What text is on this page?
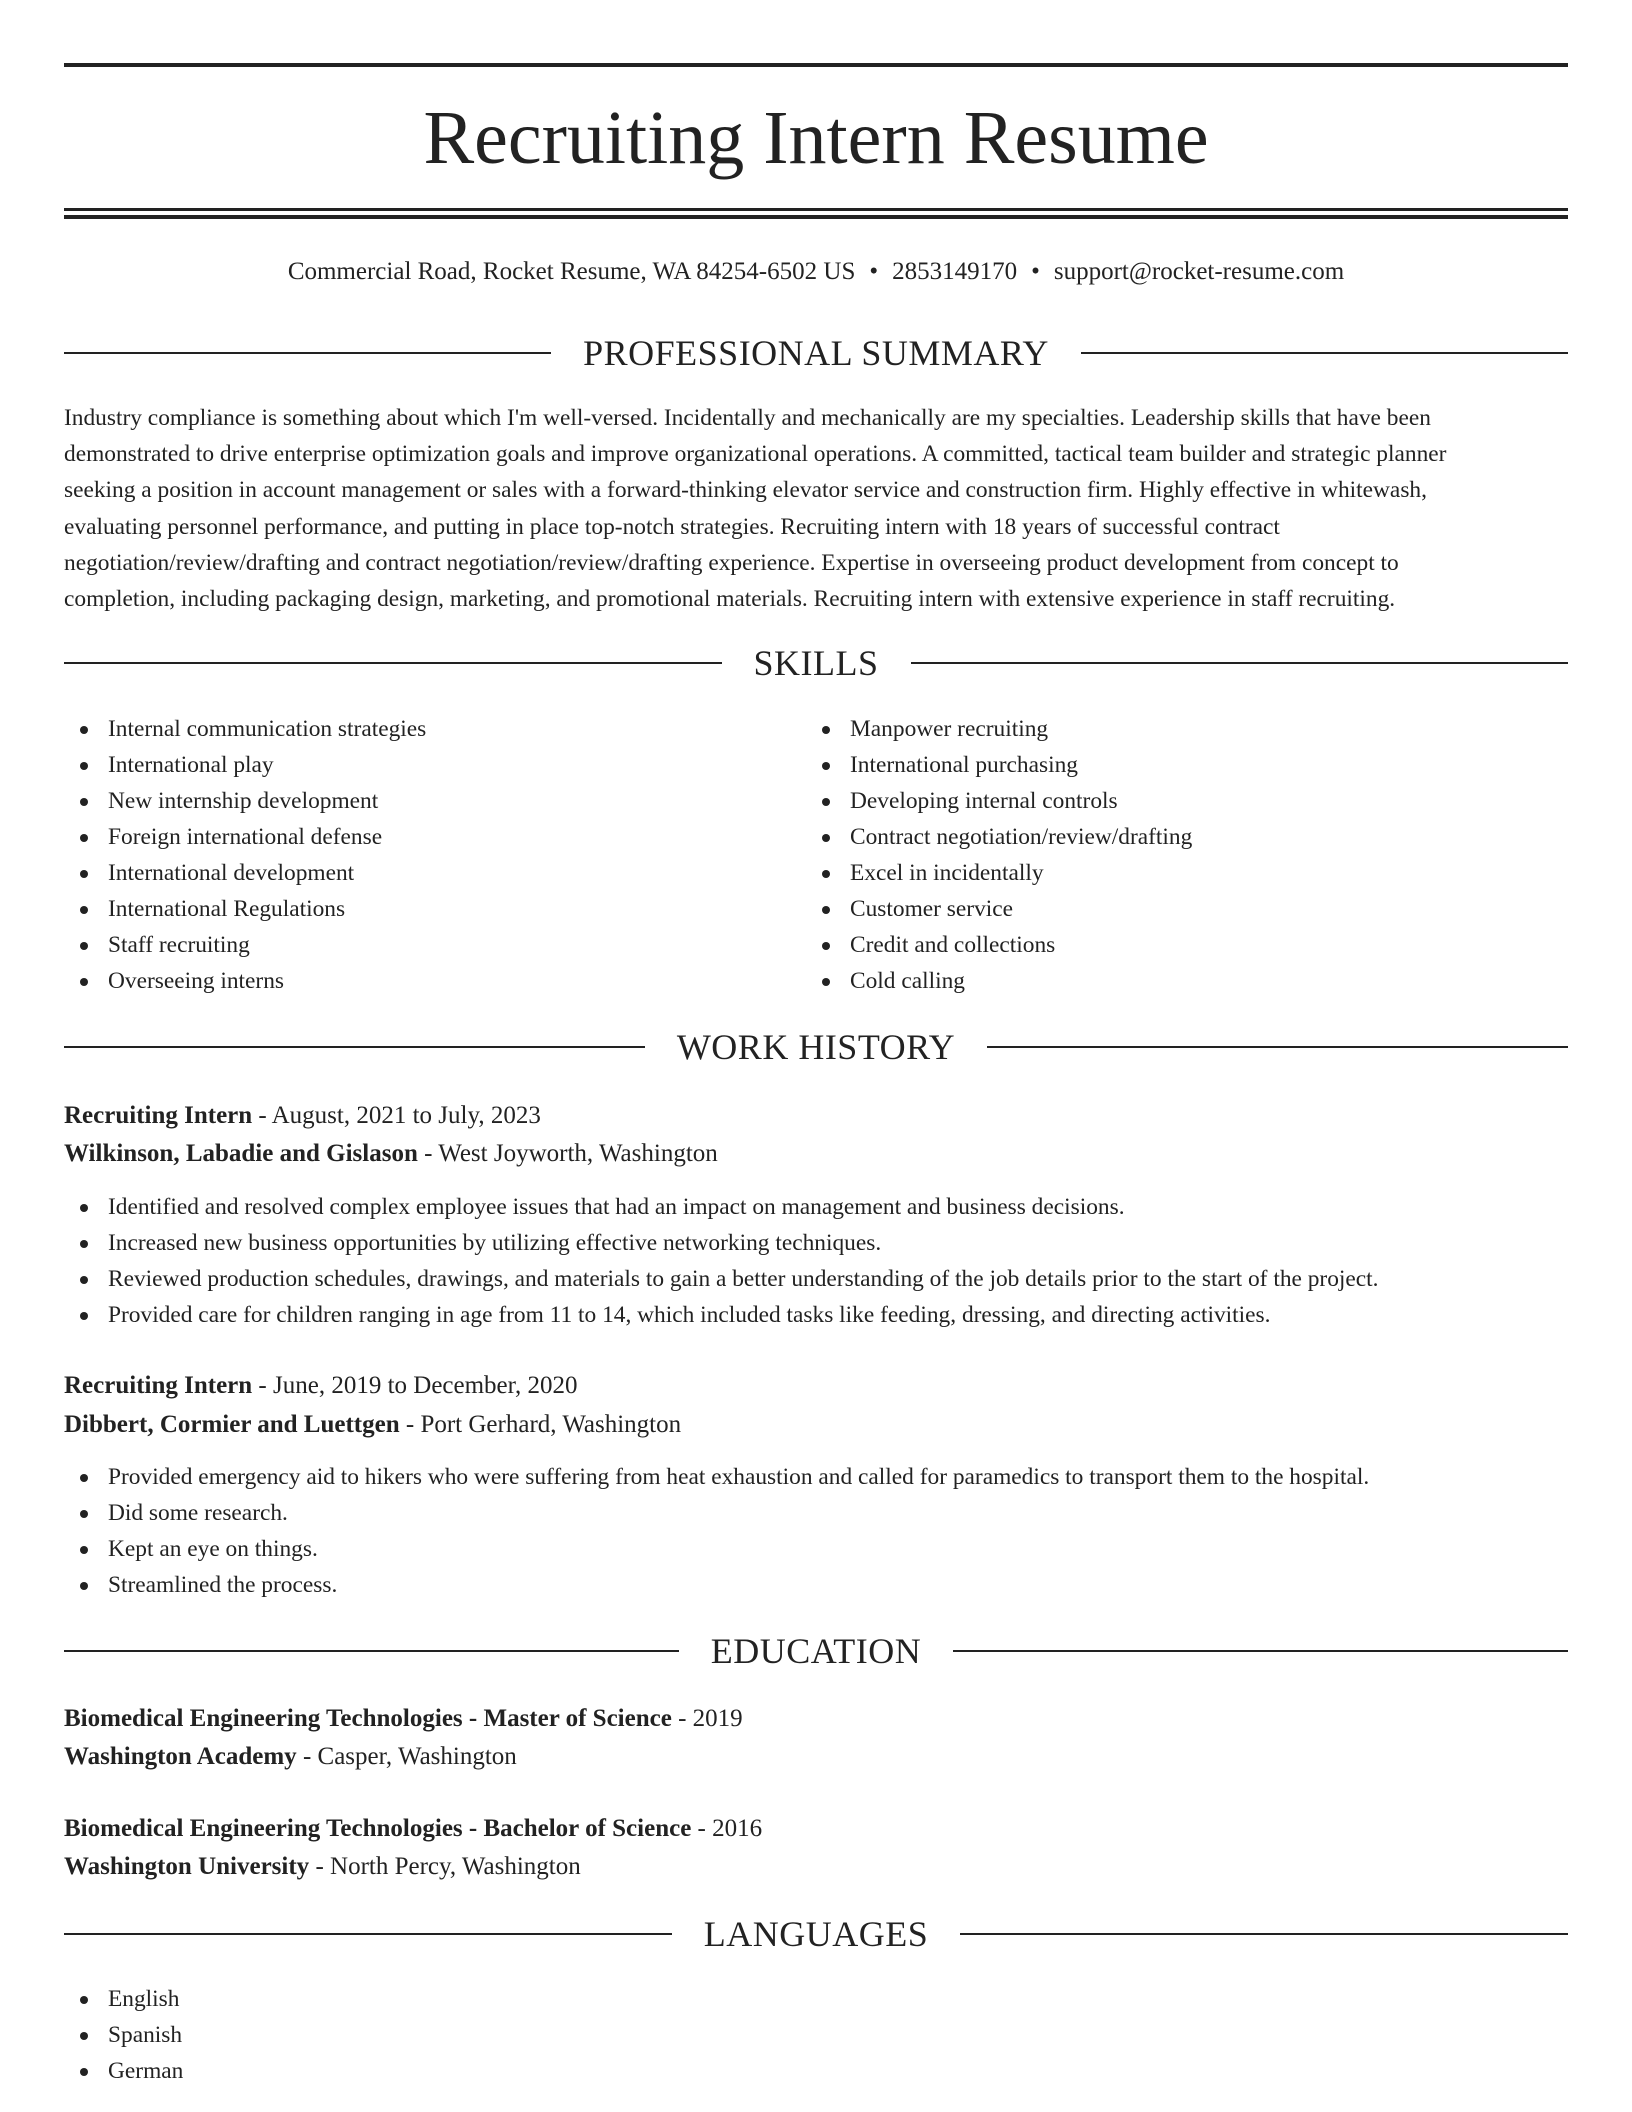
Recruiting Intern Resume
Commercial Road, Rocket Resume, WA 84254-6502 US • 2853149170 • support@rocket-resume.com
PROFESSIONAL SUMMARY
Industry compliance is something about which I'm well-versed. Incidentally and mechanically are my specialties. Leadership skills that have been
demonstrated to drive enterprise optimization goals and improve organizational operations. A committed, tactical team builder and strategic planner
seeking a position in account management or sales with a forward-thinking elevator service and construction firm. Highly effective in whitewash,
evaluating personnel performance, and putting in place top-notch strategies. Recruiting intern with 18 years of successful contract
negotiation/review/drafting and contract negotiation/review/drafting experience. Expertise in overseeing product development from concept to
completion, including packaging design, marketing, and promotional materials. Recruiting intern with extensive experience in staff recruiting.
SKILLS
Internal communication strategies
International play
New internship development
Foreign international defense
International development
International Regulations
Staff recruiting
Overseeing interns
Manpower recruiting
International purchasing
Developing internal controls
Contract negotiation/review/drafting
Excel in incidentally
Customer service
Credit and collections
Cold calling
WORK HISTORY
Recruiting Intern - August, 2021 to July, 2023
Wilkinson, Labadie and Gislason - West Joyworth, Washington
Identified and resolved complex employee issues that had an impact on management and business decisions.
Increased new business opportunities by utilizing effective networking techniques.
Reviewed production schedules, drawings, and materials to gain a better understanding of the job details prior to the start of the project.
Provided care for children ranging in age from 11 to 14, which included tasks like feeding, dressing, and directing activities.
Recruiting Intern - June, 2019 to December, 2020
Dibbert, Cormier and Luettgen - Port Gerhard, Washington
Provided emergency aid to hikers who were suffering from heat exhaustion and called for paramedics to transport them to the hospital.
Did some research.
Kept an eye on things.
Streamlined the process.
EDUCATION
Biomedical Engineering Technologies - Master of Science - 2019
Washington Academy - Casper, Washington
Biomedical Engineering Technologies - Bachelor of Science - 2016
Washington University - North Percy, Washington
LANGUAGES
English
Spanish
German
